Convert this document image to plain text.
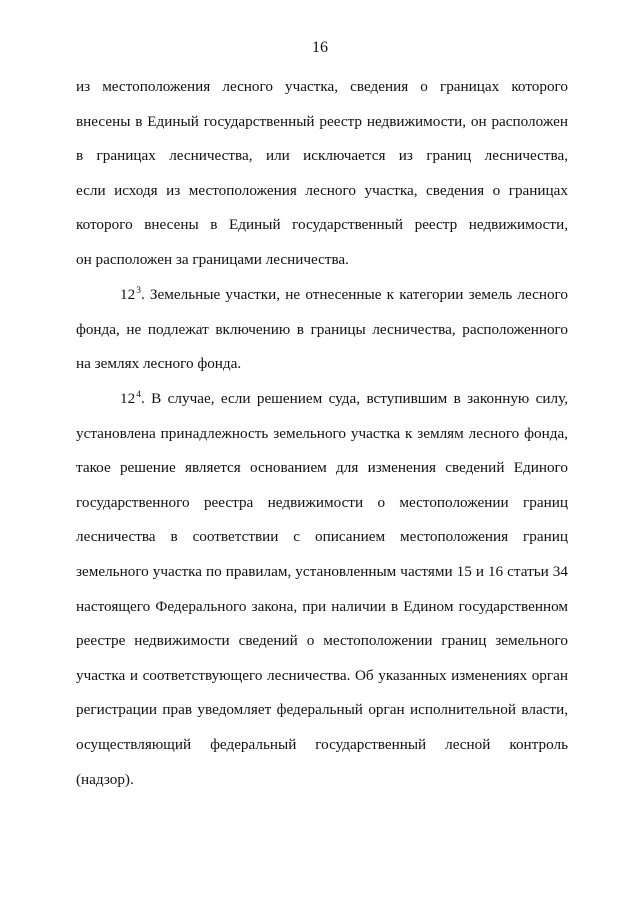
16
из местоположения лесного участка, сведения о границах которого
внесены в Единый государственный реестр недвижимости, он расположен
в границах лесничества, или исключается из границ лесничества,
если исходя из местоположения лесного участка, сведения о границах
которого внесены в Единый государственный реестр недвижимости,
он расположен за границами лесничества.
$12^3$. Земельные участки, не отнесенные к категории земель лесного
фонда, не подлежат включению в границы лесничества, расположенного
на землях лесного фонда.
$12^4$. В случае, если решением суда, вступившим в законную силу,
установлена принадлежность земельного участка к землям лесного фонда,
такое решение является основанием для изменения сведений Единого
государственного реестра недвижимости о местоположении границ
лесничества в соответствии с описанием местоположения границ
земельного участка по правилам, установленным частями 15 и 16 статьи 34
настоящего Федерального закона, при наличии в Едином государственном
реестре недвижимости сведений о местоположении границ земельного
участка и соответствующего лесничества. Об указанных изменениях орган
регистрации прав уведомляет федеральный орган исполнительной власти,
осуществляющий федеральный государственный лесной контроль
(надзор).
